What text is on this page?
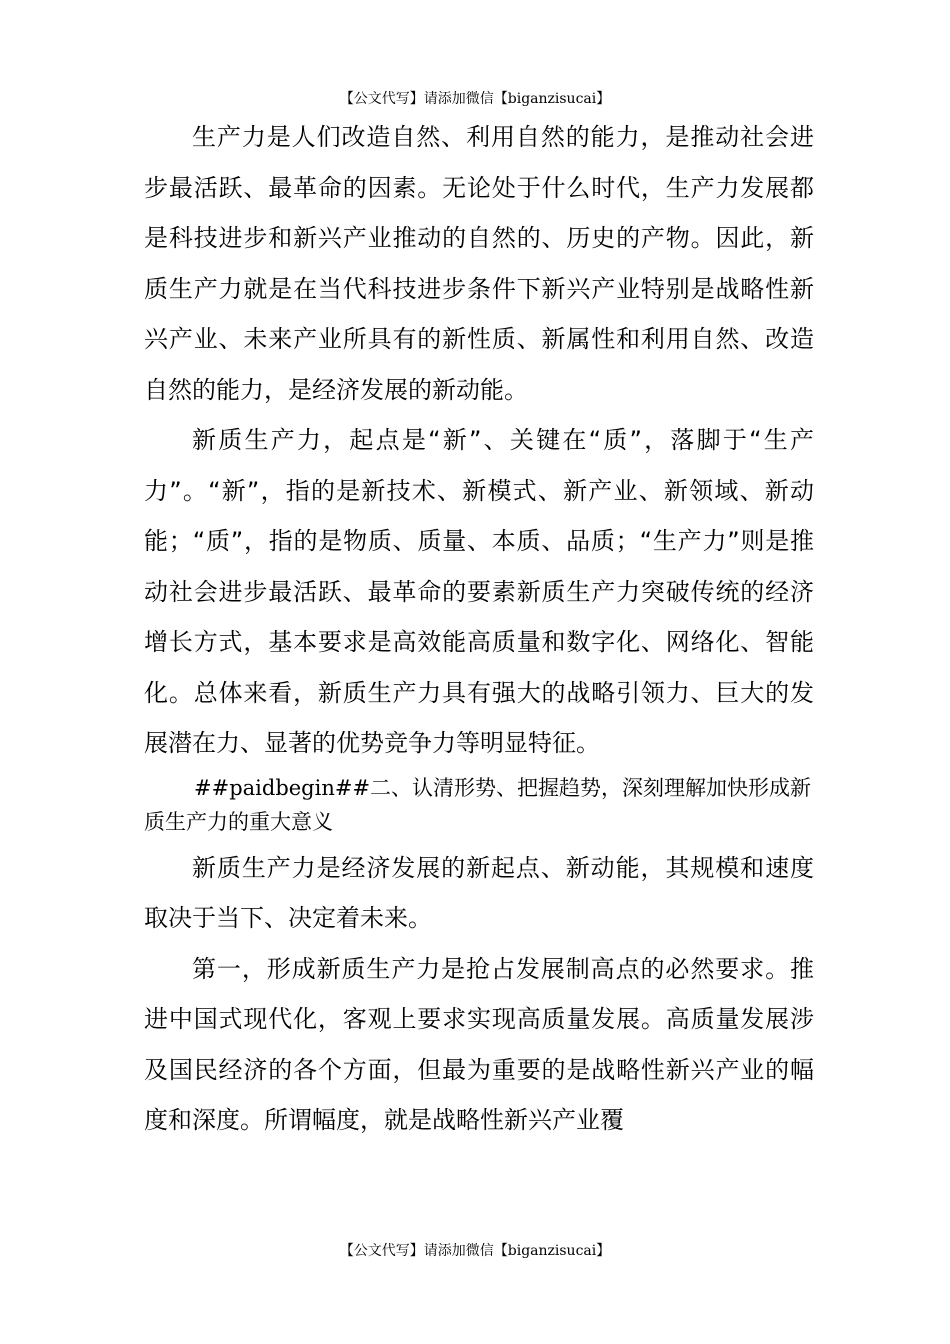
【公文代写】请添加微信【biganzisucai】

生产力是人们改造自然、利用自然的能力，是推动社会进步最活跃、最革命的因素。无论处于什么时代，生产力发展都是科技进步和新兴产业推动的自然的、历史的产物。因此，新质生产力就是在当代科技进步条件下新兴产业特别是战略性新兴产业、未来产业所具有的新性质、新属性和利用自然、改造自然的能力，是经济发展的新动能。

新质生产力，起点是“新”、关键在“质”，落脚于“生产力”。“新”，指的是新技术、新模式、新产业、新领域、新动能；“质”，指的是物质、质量、本质、品质；“生产力”则是推动社会进步最活跃、最革命的要素新质生产力突破传统的经济增长方式，基本要求是高效能高质量和数字化、网络化、智能化。总体来看，新质生产力具有强大的战略引领力、巨大的发展潜在力、显著的优势竞争力等明显特征。

##paidbegin##二、认清形势、把握趋势，深刻理解加快形成新质生产力的重大意义

新质生产力是经济发展的新起点、新动能，其规模和速度取决于当下、决定着未来。

第一，形成新质生产力是抢占发展制高点的必然要求。推进中国式现代化，客观上要求实现高质量发展。高质量发展涉及国民经济的各个方面，但最为重要的是战略性新兴产业的幅度和深度。所谓幅度，就是战略性新兴产业覆

【公文代写】请添加微信【biganzisucai】
